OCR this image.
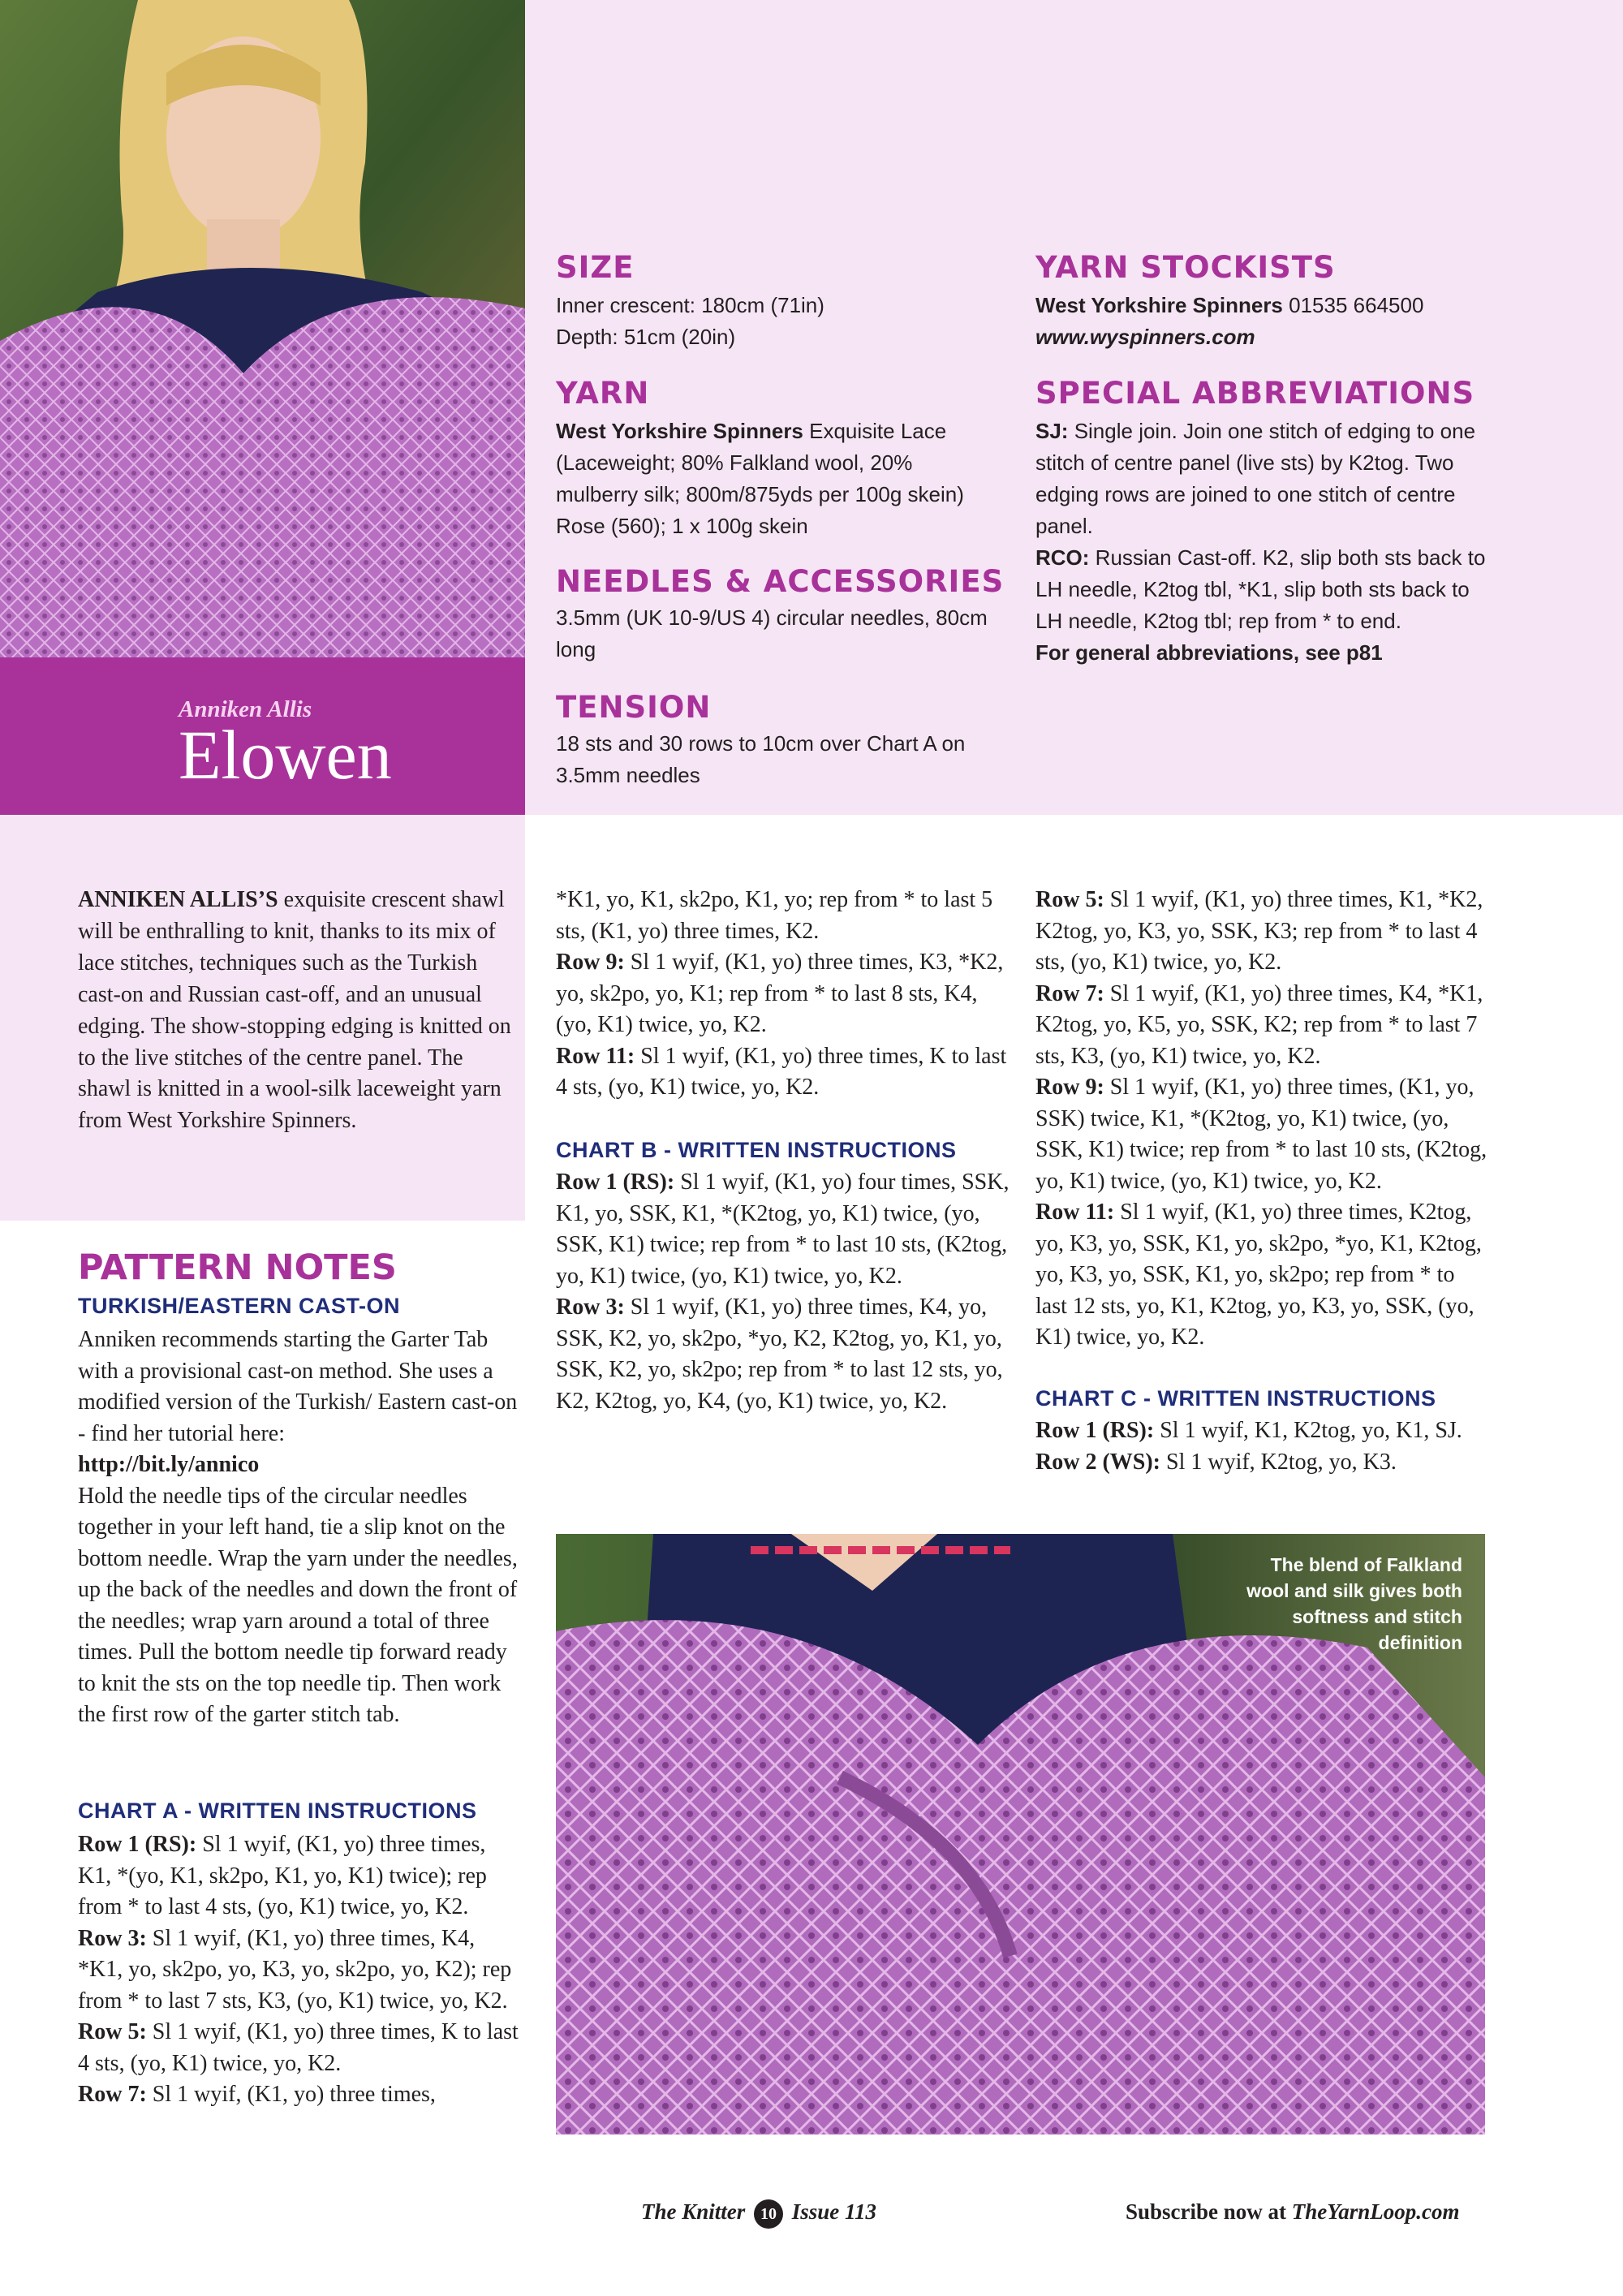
Anniken Allis
Elowen
SIZE
Inner crescent: 180cm (71in)
Depth: 51cm (20in)
YARN
West Yorkshire Spinners Exquisite Lace (Laceweight; 80% Falkland wool, 20% mulberry silk; 800m/875yds per 100g skein) Rose (560); 1 x 100g skein
NEEDLES & ACCESSORIES
3.5mm (UK 10-9/US 4) circular needles, 80cm long
TENSION
18 sts and 30 rows to 10cm over Chart A on 3.5mm needles
YARN STOCKISTS
West Yorkshire Spinners 01535 664500
www.wyspinners.com
SPECIAL ABBREVIATIONS
SJ: Single join. Join one stitch of edging to one stitch of centre panel (live sts) by K2tog. Two edging rows are joined to one stitch of centre panel.
RCO: Russian Cast-off. K2, slip both sts back to LH needle, K2tog tbl, *K1, slip both sts back to LH needle, K2tog tbl; rep from * to end.
For general abbreviations, see p81
ANNIKEN ALLIS’S exquisite crescent shawl will be enthralling to knit, thanks to its mix of lace stitches, techniques such as the Turkish cast-on and Russian cast-off, and an unusual edging. The show-stopping edging is knitted on to the live stitches of the centre panel. The shawl is knitted in a wool-silk laceweight yarn from West Yorkshire Spinners.
PATTERN NOTES
TURKISH/EASTERN CAST-ON
Anniken recommends starting the Garter Tab with a provisional cast-on method. She uses a modified version of the Turkish/ Eastern cast-on - find her tutorial here:
http://bit.ly/annico
Hold the needle tips of the circular needles together in your left hand, tie a slip knot on the bottom needle. Wrap the yarn under the needles, up the back of the needles and down the front of the needles; wrap yarn around a total of three times. Pull the bottom needle tip forward ready to knit the sts on the top needle tip. Then work the first row of the garter stitch tab.
CHART A - WRITTEN INSTRUCTIONS
Row 1 (RS): Sl 1 wyif, (K1, yo) three times, K1, *(yo, K1, sk2po, K1, yo, K1) twice); rep from * to last 4 sts, (yo, K1) twice, yo, K2.
Row 3: Sl 1 wyif, (K1, yo) three times, K4, *K1, yo, sk2po, yo, K3, yo, sk2po, yo, K2); rep from * to last 7 sts, K3, (yo, K1) twice, yo, K2.
Row 5: Sl 1 wyif, (K1, yo) three times, K to last 4 sts, (yo, K1) twice, yo, K2.
Row 7: Sl 1 wyif, (K1, yo) three times,
*K1, yo, K1, sk2po, K1, yo; rep from * to last 5 sts, (K1, yo) three times, K2.
Row 9: Sl 1 wyif, (K1, yo) three times, K3, *K2, yo, sk2po, yo, K1; rep from * to last 8 sts, K4, (yo, K1) twice, yo, K2.
Row 11: Sl 1 wyif, (K1, yo) three times, K to last 4 sts, (yo, K1) twice, yo, K2.
CHART B - WRITTEN INSTRUCTIONS
Row 1 (RS): Sl 1 wyif, (K1, yo) four times, SSK, K1, yo, SSK, K1, *(K2tog, yo, K1) twice, (yo, SSK, K1) twice; rep from * to last 10 sts, (K2tog, yo, K1) twice, (yo, K1) twice, yo, K2.
Row 3: Sl 1 wyif, (K1, yo) three times, K4, yo, SSK, K2, yo, sk2po, *yo, K2, K2tog, yo, K1, yo, SSK, K2, yo, sk2po; rep from * to last 12 sts, yo, K2, K2tog, yo, K4, (yo, K1) twice, yo, K2.
Row 5: Sl 1 wyif, (K1, yo) three times, K1, *K2, K2tog, yo, K3, yo, SSK, K3; rep from * to last 4 sts, (yo, K1) twice, yo, K2.
Row 7: Sl 1 wyif, (K1, yo) three times, K4, *K1, K2tog, yo, K5, yo, SSK, K2; rep from * to last 7 sts, K3, (yo, K1) twice, yo, K2.
Row 9: Sl 1 wyif, (K1, yo) three times, (K1, yo, SSK) twice, K1, *(K2tog, yo, K1) twice, (yo, SSK, K1) twice; rep from * to last 10 sts, (K2tog, yo, K1) twice, (yo, K1) twice, yo, K2.
Row 11: Sl 1 wyif, (K1, yo) three times, K2tog, yo, K3, yo, SSK, K1, yo, sk2po, *yo, K1, K2tog, yo, K3, yo, SSK, K1, yo, sk2po; rep from * to last 12 sts, yo, K1, K2tog, yo, K3, yo, SSK, (yo, K1) twice, yo, K2.
CHART C - WRITTEN INSTRUCTIONS
Row 1 (RS): Sl 1 wyif, K1, K2tog, yo, K1, SJ.
Row 2 (WS): Sl 1 wyif, K2tog, yo, K3.
The blend of Falkland wool and silk gives both softness and stitch definition
The Knitter 10 Issue 113	Subscribe now at TheYarnLoop.com
